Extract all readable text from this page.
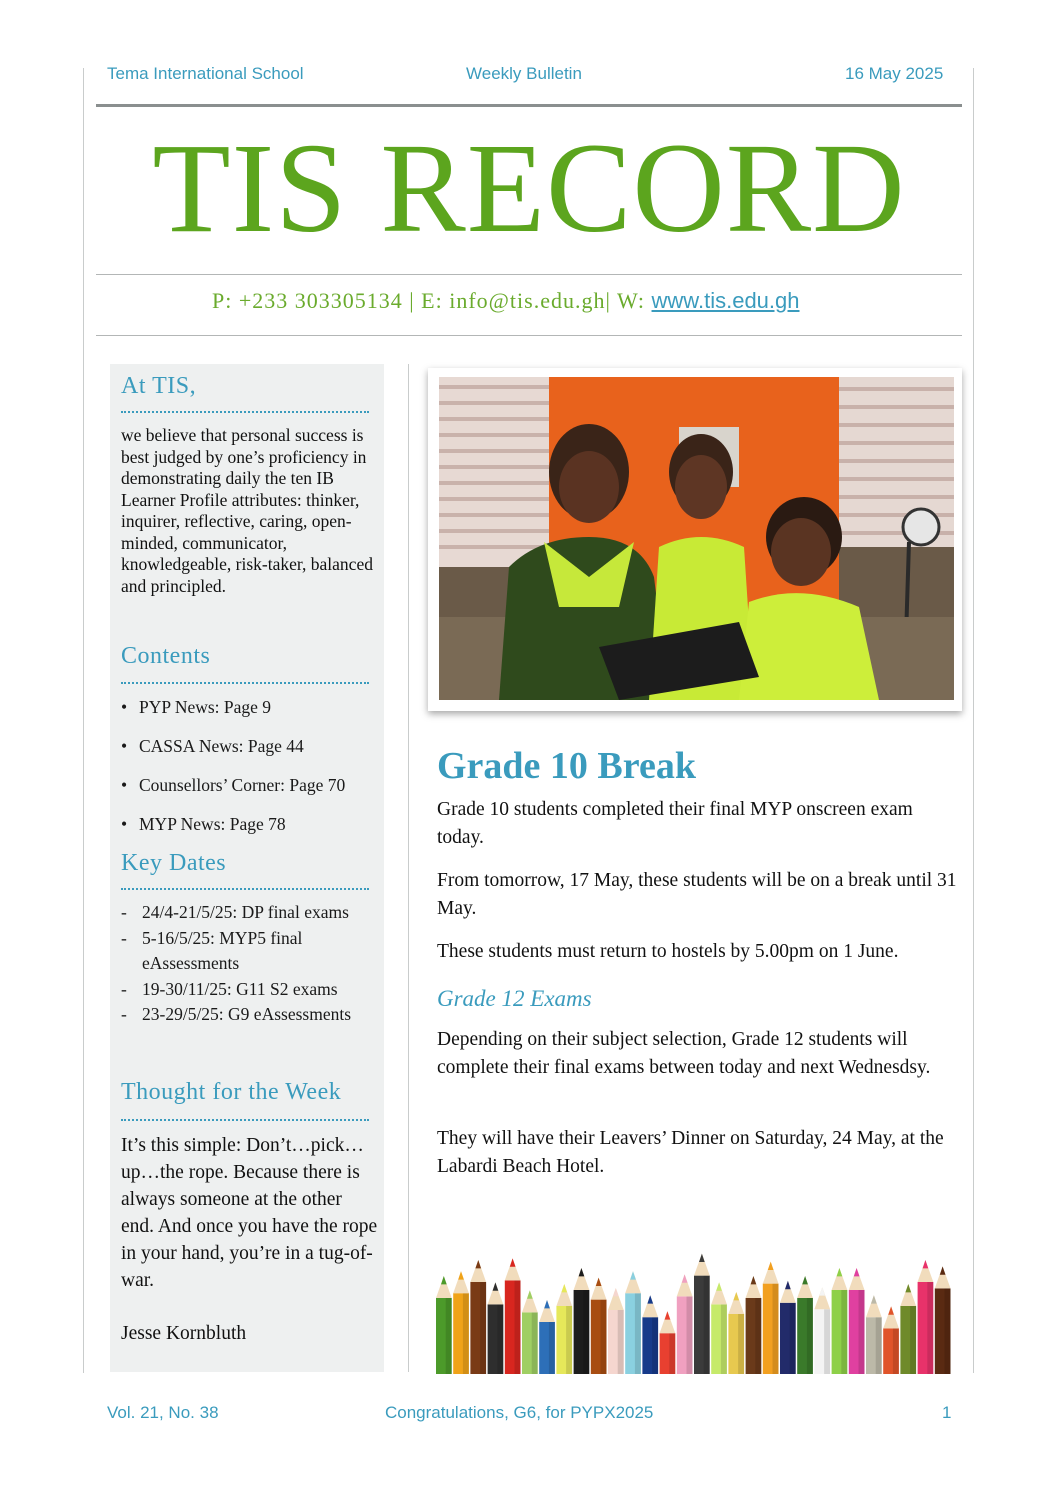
Tema International School	Weekly Bulletin	16 May 2025
TIS RECORD
P: +233 303305134 | E: info@tis.edu.gh| W: www.tis.edu.gh
At TIS,
we believe that personal success is best judged by one’s proficiency in demonstrating daily the ten IB Learner Profile attributes: thinker, inquirer, reflective, caring, open-minded, communicator, knowledgeable, risk-taker, balanced and principled.
Contents
• PYP News: Page 9
• CASSA News: Page 44
• Counsellors’ Corner: Page 70
• MYP News: Page 78
Key Dates
- 24/4-21/5/25: DP final exams
- 5-16/5/25: MYP5 final eAssessments
- 19-30/11/25: G11 S2 exams
- 23-29/5/25: G9 eAssessments
Thought for the Week
It’s this simple: Don’t…pick…up…the rope. Because there is always someone at the other end. And once you have the rope in your hand, you’re in a tug-of-war.
Jesse Kornbluth
Grade 10 Break
Grade 10 students completed their final MYP onscreen exam today.
From tomorrow, 17 May, these students will be on a break until 31 May.
These students must return to hostels by 5.00pm on 1 June.
Grade 12 Exams
Depending on their subject selection, Grade 12 students will complete their final exams between today and next Wednesdsy.
They will have their Leavers’ Dinner on Saturday, 24 May, at the Labardi Beach Hotel.
Vol. 21, No. 38	Congratulations, G6, for PYPX2025	1
